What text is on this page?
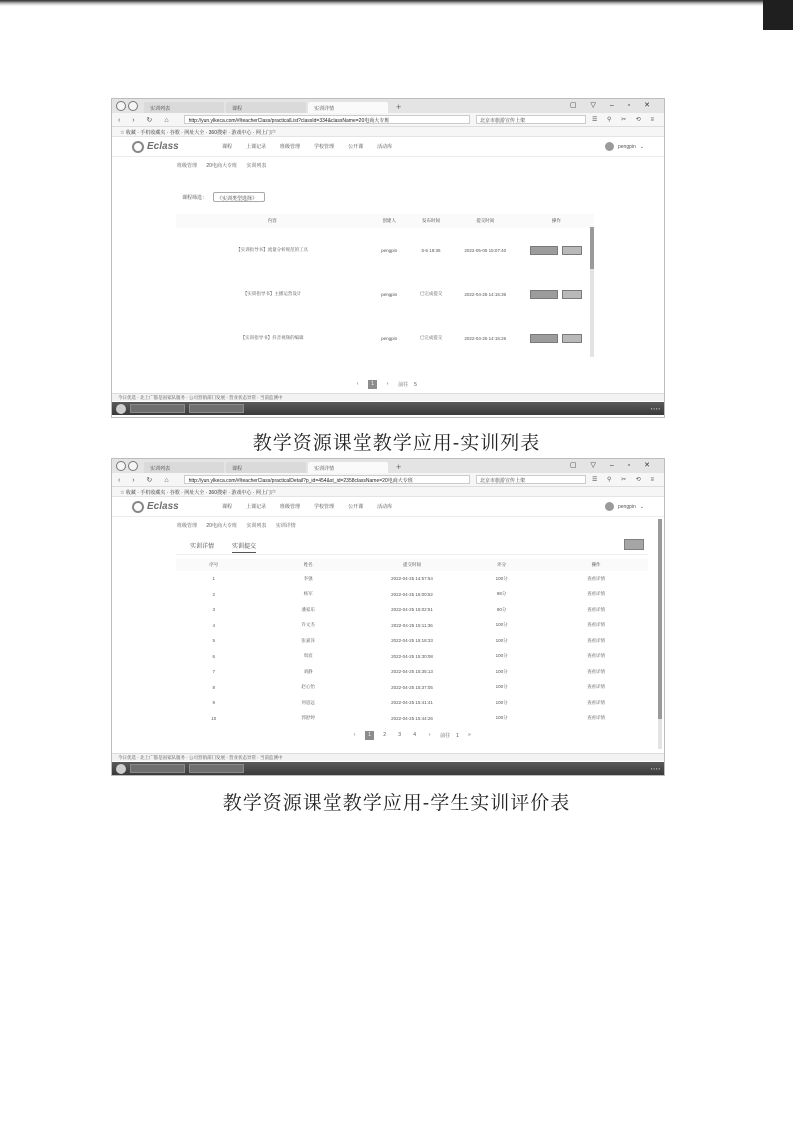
实训列表	课程	实训详情	+	▢ ▽ – ▫ ✕
‹ › ↻ ⌂	http://yun.ylkeca.com/#/teacherClass/practicalList?classId=334&className=20电商大专班	北京市旅游宣传上架	☰ ⚲ ✂ ⟲ ≡
☆ 收藏 · 手机收藏夹 · 谷歌 · 网址大全 · 360搜索 · 游戏中心 · 网上门户
Eclass	课程	上课记录	班级管理	学校管理	公开课	活动库	pengpin ⌄
班级管理 20电商大专班 实训列表
课程筛选：	《实训类型选择》
内容	创建人	发布时间	提交时间	操作
【实训指导书】流量分析规范的工具	pengpin	5-6 19:36	2022-05-05 15:07:40	

【实训指导书】主播运营设计	pengpin	已完成提交	2022-04-25 14:15:36	

【实训指导书】抖音视频的编辑	pengpin	已完成提交	2022-04-25 14:15:26	
‹	1	›	前往 5
今日优选 · 北上广都是国家队服务 · 公司营销部门发展 · 营业状态异常 · 当前监测中
▪ ▪ ▪ ▪
教学资源课堂教学应用-实训列表
实训列表	课程	实训详情	+	▢ ▽ – ▫ ✕
‹ › ↻ ⌂	http://yun.ylkeca.com/#/teacherClass/practicalDetail?p_id=454&st_id=2358className=20电商大专班	北京市旅游宣传上架	☰ ⚲ ✂ ⟲ ≡
☆ 收藏 · 手机收藏夹 · 谷歌 · 网址大全 · 360搜索 · 游戏中心 · 网上门户
Eclass	课程	上课记录	班级管理	学校管理	公开课	活动库	pengpin ⌄
班级管理 20电商大专班 实训列表 实训详情
实训详情	实训提交
序号	姓名	提交时间	评分	操作
1	李强	2022-04-25 14:57:54	100分	查看详情
2	杨军	2022-04-25 15:00:52	98分	查看详情
3	潘家乐	2022-04-25 15:02:51	90分	查看详情
4	许文杰	2022-04-25 15:11:36	100分	查看详情
5	张嘉泽	2022-04-25 15:18:33	100分	查看详情
6	周宸	2022-04-25 15:30:08	100分	查看详情
7	刘静	2022-04-25 15:35:13	100分	查看详情
8	赵心怡	2022-04-25 15:37:05	100分	查看详情
9	何思远	2022-04-25 15:41:41	100分	查看详情
10	郭舒婷	2022-04-25 15:44:26	100分	查看详情
‹	1	2	3	4	›	前往 1	»
今日优选 · 北上广都是国家队服务 · 公司营销部门发展 · 营业状态异常 · 当前监测中
▪ ▪ ▪ ▪
教学资源课堂教学应用-学生实训评价表
